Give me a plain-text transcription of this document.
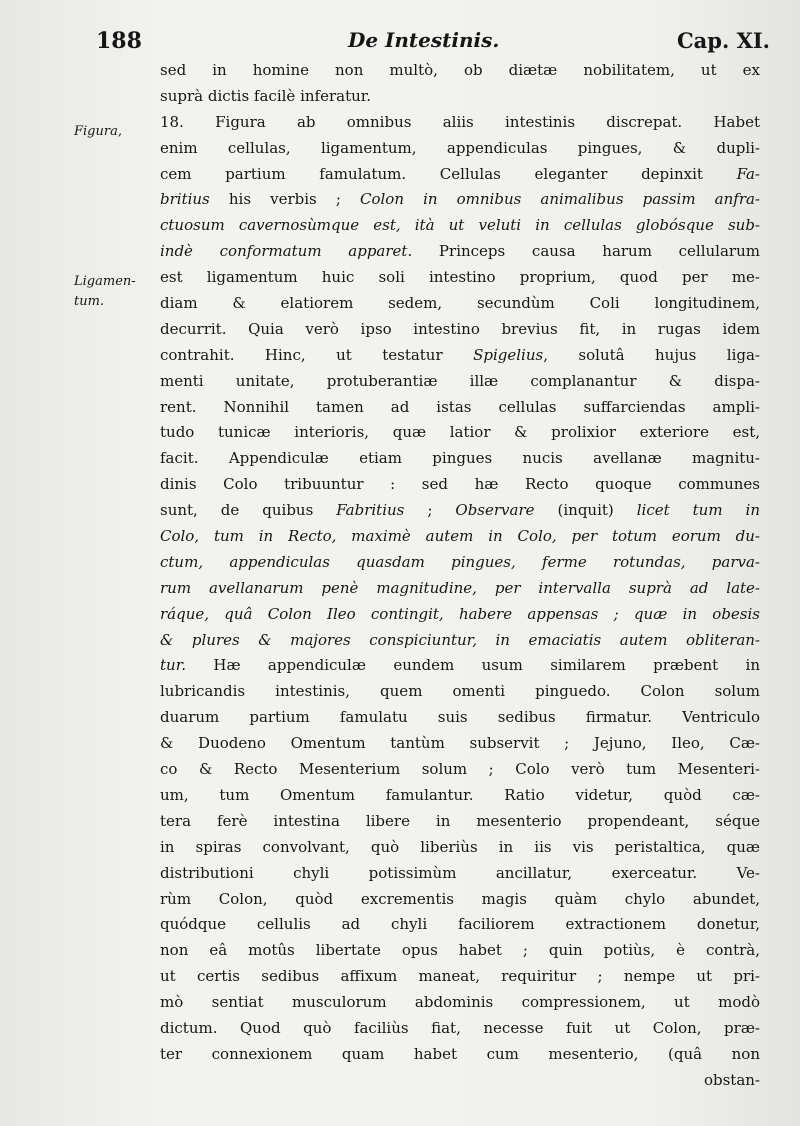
188	De Intestinis.	Cap. XI.
Figura,
Ligamen-
tum.
sed in homine non multò, ob diætæ nobilitatem, ut ex
suprà dictis facilè inferatur.
18. Figura ab omnibus aliis intestinis discrepat. Habet
enim cellulas, ligamentum, appendiculas pingues, & dupli-
cem partium famulatum. Cellulas eleganter depinxit Fa-
britius his verbis ; Colon in omnibus animalibus passim anfra-
ctuosum cavernosùmque est, ità ut veluti in cellulas globósque sub-
indè conformatum apparet. Princeps causa harum cellularum
est ligamentum huic soli intestino proprium, quod per me-
diam & elatiorem sedem, secundùm Coli longitudinem,
decurrit. Quia verò ipso intestino brevius fit, in rugas idem
contrahit. Hinc, ut testatur Spigelius, solutâ hujus liga-
menti unitate, protuberantiæ illæ complanantur & dispa-
rent. Nonnihil tamen ad istas cellulas suffarciendas ampli-
tudo tunicæ interioris, quæ latior & prolixior exteriore est,
facit. Appendiculæ etiam pingues nucis avellanæ magnitu-
dinis Colo tribuuntur : sed hæ Recto quoque communes
sunt, de quibus Fabritius ; Observare (inquit) licet tum in
Colo, tum in Recto, maximè autem in Colo, per totum eorum du-
ctum, appendiculas quasdam pingues, ferme rotundas, parva-
rum avellanarum penè magnitudine, per intervalla suprà ad late-
ráque, quâ Colon Ileo contingit, habere appensas ; quæ in obesis
& plures & majores conspiciuntur, in emaciatis autem obliteran-
tur. Hæ appendiculæ eundem usum similarem præbent in
lubricandis intestinis, quem omenti pinguedo. Colon solum
duarum partium famulatu suis sedibus firmatur. Ventriculo
& Duodeno Omentum tantùm subservit ; Jejuno, Ileo, Cæ-
co & Recto Mesenterium solum ; Colo verò tum Mesenteri-
um, tum Omentum famulantur. Ratio videtur, quòd cæ-
tera ferè intestina libere in mesenterio propendeant, séque
in spiras convolvant, quò liberiùs in iis vis peristaltica, quæ
distributioni chyli potissimùm ancillatur, exerceatur. Ve-
rùm Colon, quòd excrementis magis quàm chylo abundet,
quódque cellulis ad chyli faciliorem extractionem donetur,
non eâ motûs libertate opus habet ; quin potiùs, è contrà,
ut certis sedibus affixum maneat, requiritur ; nempe ut pri-
mò sentiat musculorum abdominis compressionem, ut modò
dictum. Quod quò faciliùs fiat, necesse fuit ut Colon, præ-
ter connexionem quam habet cum mesenterio, (quâ non
obstan-
